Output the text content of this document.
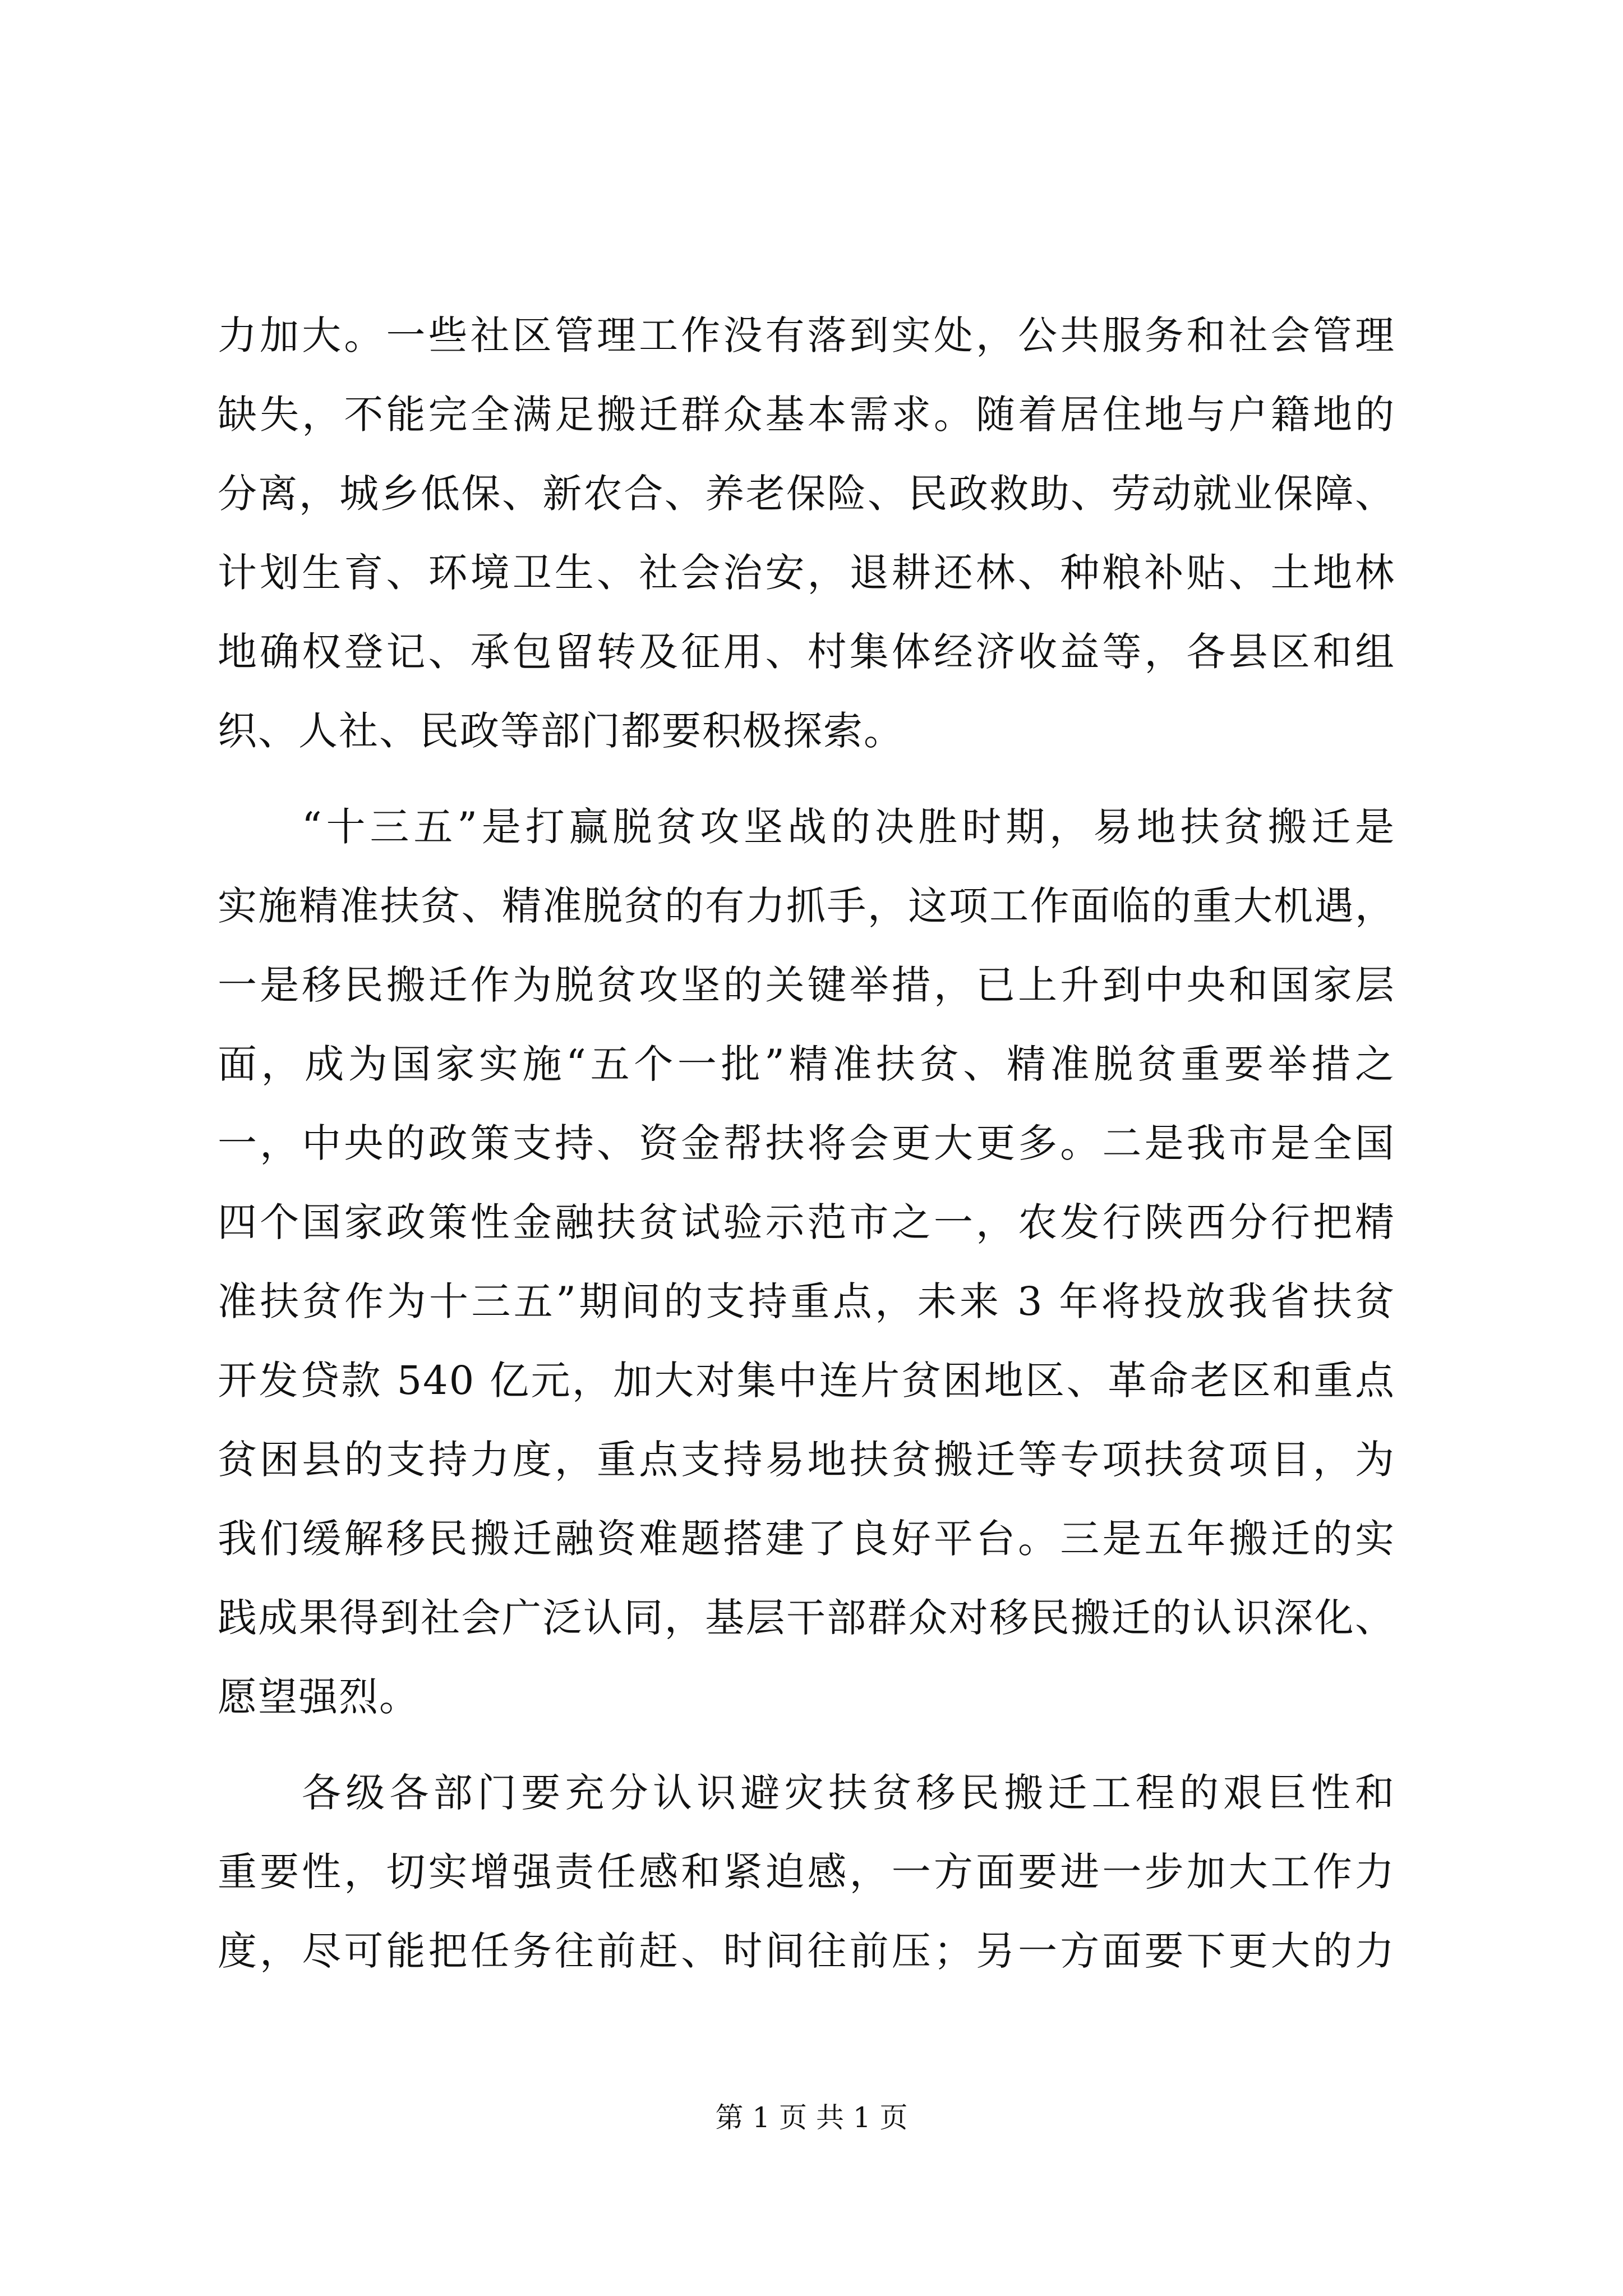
力加大。一些社区管理工作没有落到实处，公共服务和社会管理
缺失，不能完全满足搬迁群众基本需求。随着居住地与户籍地的
分离，城乡低保、新农合、养老保险、民政救助、劳动就业保障、
计划生育、环境卫生、社会治安，退耕还林、种粮补贴、土地林
地确权登记、承包留转及征用、村集体经济收益等，各县区和组
织、人社、民政等部门都要积极探索。
“十三五”是打赢脱贫攻坚战的决胜时期，易地扶贫搬迁是
实施精准扶贫、精准脱贫的有力抓手，这项工作面临的重大机遇，
一是移民搬迁作为脱贫攻坚的关键举措，已上升到中央和国家层
面，成为国家实施“五个一批”精准扶贫、精准脱贫重要举措之
一，中央的政策支持、资金帮扶将会更大更多。二是我市是全国
四个国家政策性金融扶贫试验示范市之一，农发行陕西分行把精
准扶贫作为十三五”期间的支持重点，未来 3 年将投放我省扶贫
开发贷款 540 亿元，加大对集中连片贫困地区、革命老区和重点
贫困县的支持力度，重点支持易地扶贫搬迁等专项扶贫项目，为
我们缓解移民搬迁融资难题搭建了良好平台。三是五年搬迁的实
践成果得到社会广泛认同，基层干部群众对移民搬迁的认识深化、
愿望强烈。
各级各部门要充分认识避灾扶贫移民搬迁工程的艰巨性和
重要性，切实增强责任感和紧迫感，一方面要进一步加大工作力
度，尽可能把任务往前赶、时间往前压；另一方面要下更大的力
第 1 页 共 1 页
